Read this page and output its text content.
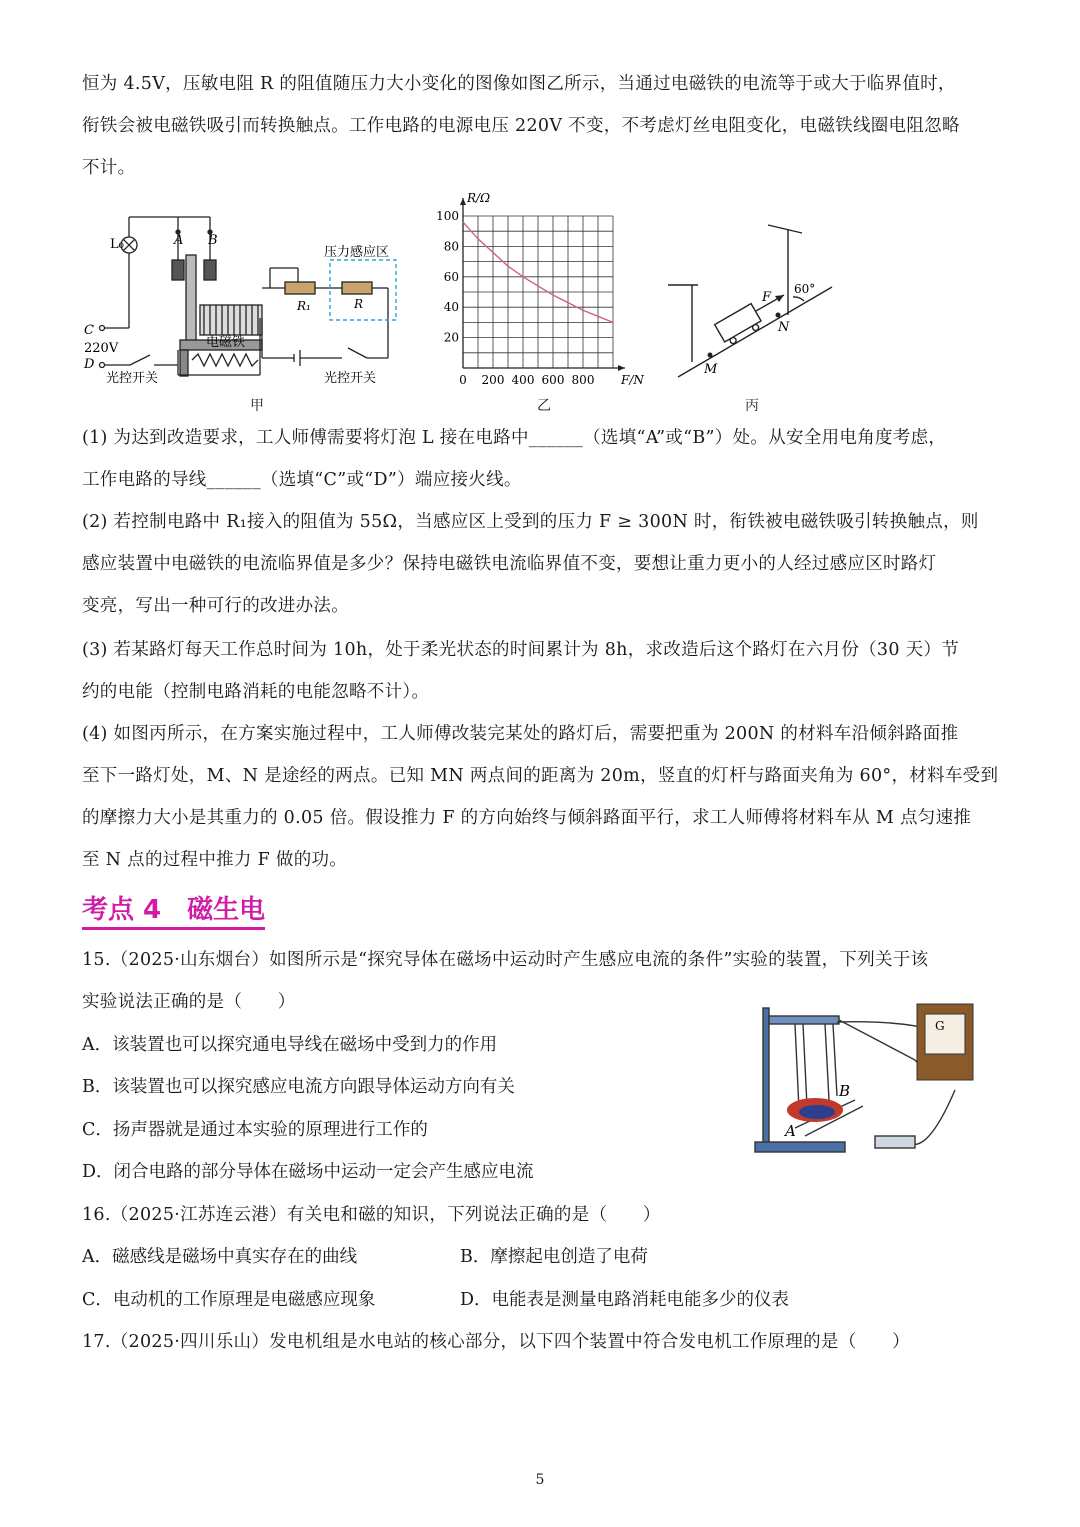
恒为 4.5V，压敏电阻 R 的阻值随压力大小变化的图像如图乙所示，当通过电磁铁的电流等于或大于临界值时，
衔铁会被电磁铁吸引而转换触点。工作电路的电源电压 220V 不变，不考虑灯丝电阻变化，电磁铁线圈电阻忽略
不计。
L₀	A B
C
220V
D
光控开关	光控开关
压力感应区
R₁	R
电磁铁
甲
0 200 400 600 800
20
40
60
80
100
F/N
R/Ω
乙
F
N
M
60°
丙
(1) 为达到改造要求，工人师傅需要将灯泡 L 接在电路中______（选填“A”或“B”）处。从安全用电角度考虑，
工作电路的导线______（选填“C”或“D”）端应接火线。
(2) 若控制电路中 R₁接入的阻值为 55Ω，当感应区上受到的压力 F ≥ 300N 时，衔铁被电磁铁吸引转换触点，则
感应装置中电磁铁的电流临界值是多少？保持电磁铁电流临界值不变，要想让重力更小的人经过感应区时路灯
变亮，写出一种可行的改进办法。
(3) 若某路灯每天工作总时间为 10h，处于柔光状态的时间累计为 8h，求改造后这个路灯在六月份（30 天）节
约的电能（控制电路消耗的电能忽略不计）。
(4) 如图丙所示，在方案实施过程中，工人师傅改装完某处的路灯后，需要把重为 200N 的材料车沿倾斜路面推
至下一路灯处，M、N 是途经的两点。已知 MN 两点间的距离为 20m，竖直的灯杆与路面夹角为 60°，材料车受到
的摩擦力大小是其重力的 0.05 倍。假设推力 F 的方向始终与倾斜路面平行，求工人师傅将材料车从 M 点匀速推
至 N 点的过程中推力 F 做的功。
考点 4　磁生电
15.（2025·山东烟台）如图所示是“探究导体在磁场中运动时产生感应电流的条件”实验的装置，下列关于该
实验说法正确的是（　　）
A．该装置也可以探究通电导线在磁场中受到力的作用
B．该装置也可以探究感应电流方向跟导体运动方向有关
C．扬声器就是通过本实验的原理进行工作的
D．闭合电路的部分导体在磁场中运动一定会产生感应电流
A
B
G
16.（2025·江苏连云港）有关电和磁的知识，下列说法正确的是（　　）
A．磁感线是磁场中真实存在的曲线	B．摩擦起电创造了电荷
C．电动机的工作原理是电磁感应现象	D．电能表是测量电路消耗电能多少的仪表
17.（2025·四川乐山）发电机组是水电站的核心部分，以下四个装置中符合发电机工作原理的是（　　）
5
